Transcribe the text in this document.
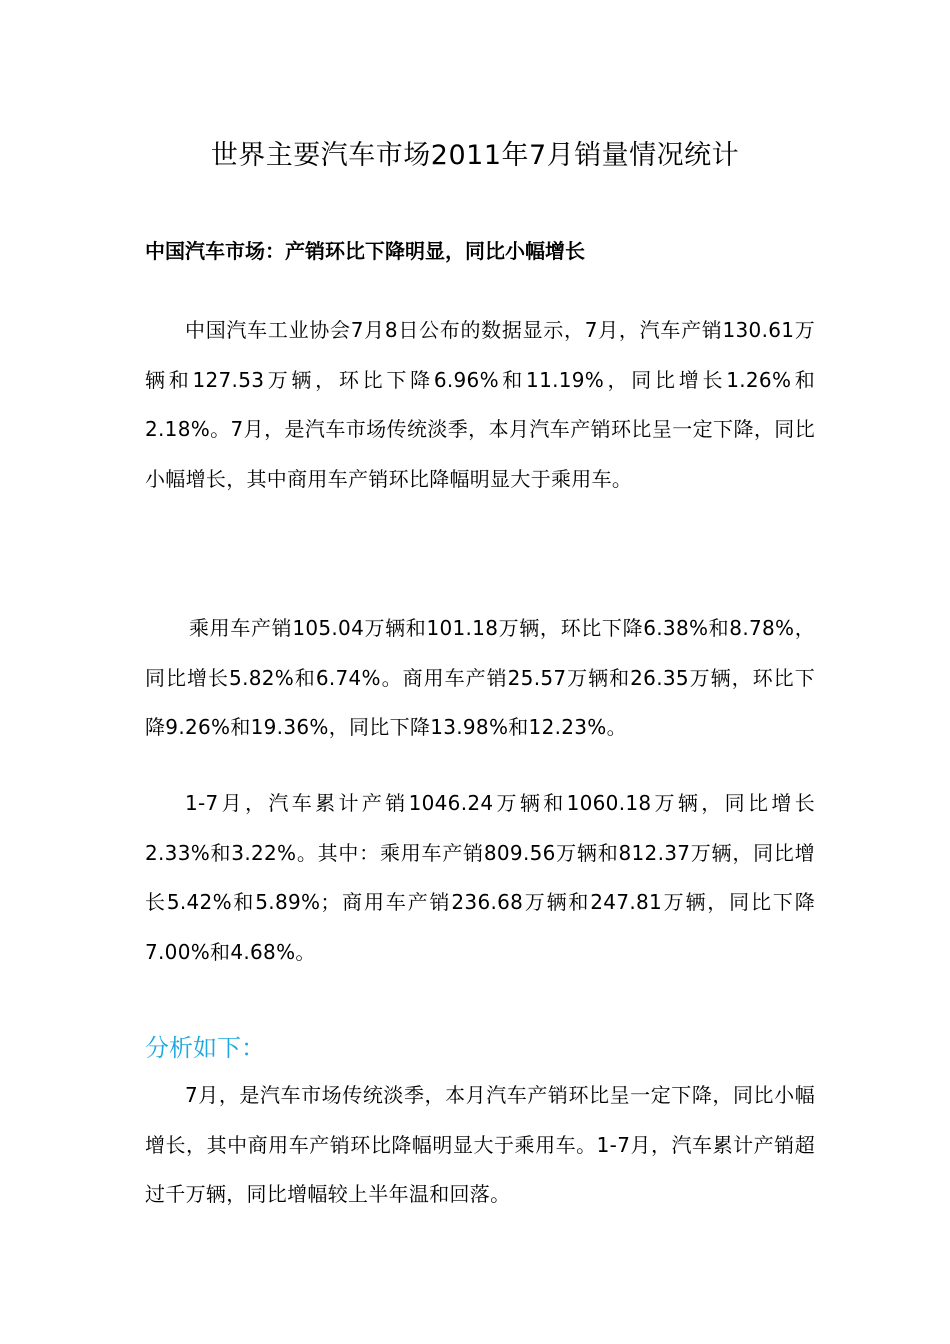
世界主要汽车市场2011年7月销量情况统计
中国汽车市场：产销环比下降明显，同比小幅增长

中国汽车工业协会7月8日公布的数据显示，7月，汽车产销130.61万辆和127.53万辆，环比下降6.96%和11.19%，同比增长1.26%和2.18%。7月，是汽车市场传统淡季，本月汽车产销环比呈一定下降，同比小幅增长，其中商用车产销环比降幅明显大于乘用车。

乘用车产销105.04万辆和101.18万辆，环比下降6.38%和8.78%，同比增长5.82%和6.74%。商用车产销25.57万辆和26.35万辆，环比下降9.26%和19.36%，同比下降13.98%和12.23%。

1-7月，汽车累计产销1046.24万辆和1060.18万辆，同比增长2.33%和3.22%。其中：乘用车产销809.56万辆和812.37万辆，同比增长5.42%和5.89%；商用车产销236.68万辆和247.81万辆，同比下降7.00%和4.68%。

分析如下：

7月，是汽车市场传统淡季，本月汽车产销环比呈一定下降，同比小幅增长，其中商用车产销环比降幅明显大于乘用车。1-7月，汽车累计产销超过千万辆，同比增幅较上半年温和回落。
